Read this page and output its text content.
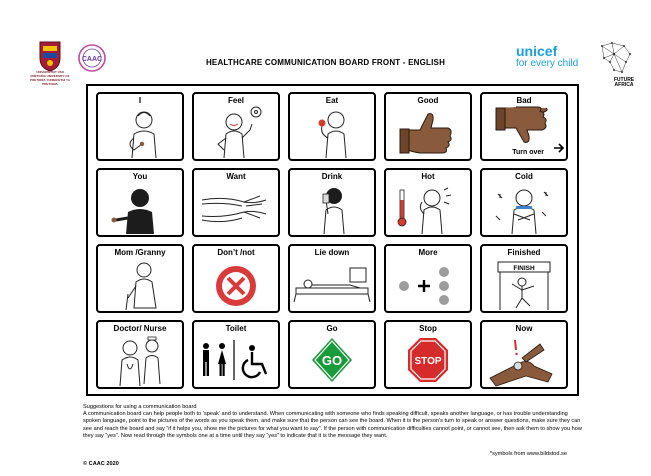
UNIVERSITEIT VAN PRETORIA UNIVERSITY OF PRETORIA YUNIBESITHI YA PRETORIA
CAAC	HEALTHCARE COMMUNICATION BOARD FRONT - ENGLISH
unicef
for every child
FUTURE AFRICA
I	Feel	Eat	Good	Bad
Turn over
You	Want	Drink	Hot	Cold
Mom /Granny	Don’t /not	Lie down	More	Finished
FINISH
Doctor/ Nurse	Toilet	Go
GO
Stop
STOP
Now

Suggestions for using a communication board

A communication board can help people both to ‘speak’ and to understand. When communicating with someone who finds speaking difficult, speaks another language, or has trouble understanding spoken language, point to the pictures of the words as you speak them, and make sure that the person can see the board. When it is the person’s turn to speak or answer questions, make sure they can see and reach the board and say “if it helps you, show me the pictures for what you want to say”. If the person with communication difficulties cannot point, or cannot see, then ask them to show you how they say “yes”. Now read through the symbols one at a time until they say “yes” to indicate that it is the message they want.

*symbols from www.bildstod.se
© CAAC 2020
